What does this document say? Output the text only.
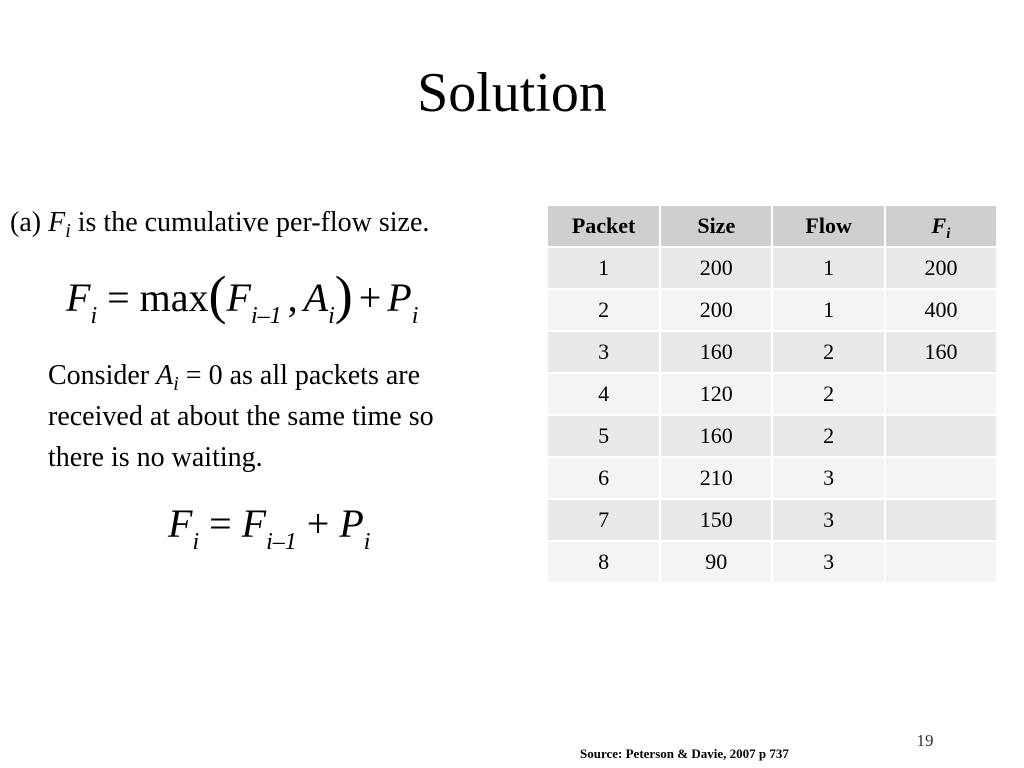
Solution
(a) $F_i$ is the cumulative per-flow size.
$F_i = \max(F_{i-1}$ , $A_i) + P_i$
Consider $A_i = 0$ as all packets are
received at about the same time so
there is no waiting.
$F_i = F_{i-1} + P_i$
Packet	Size	Flow	$F_i$
1	200	1	200
2	200	1	400
3	160	2	160
4	120	2	
5	160	2	
6	210	3	
7	150	3	
8	90	3	
19
Source: Peterson & Davie, 2007 p 737
